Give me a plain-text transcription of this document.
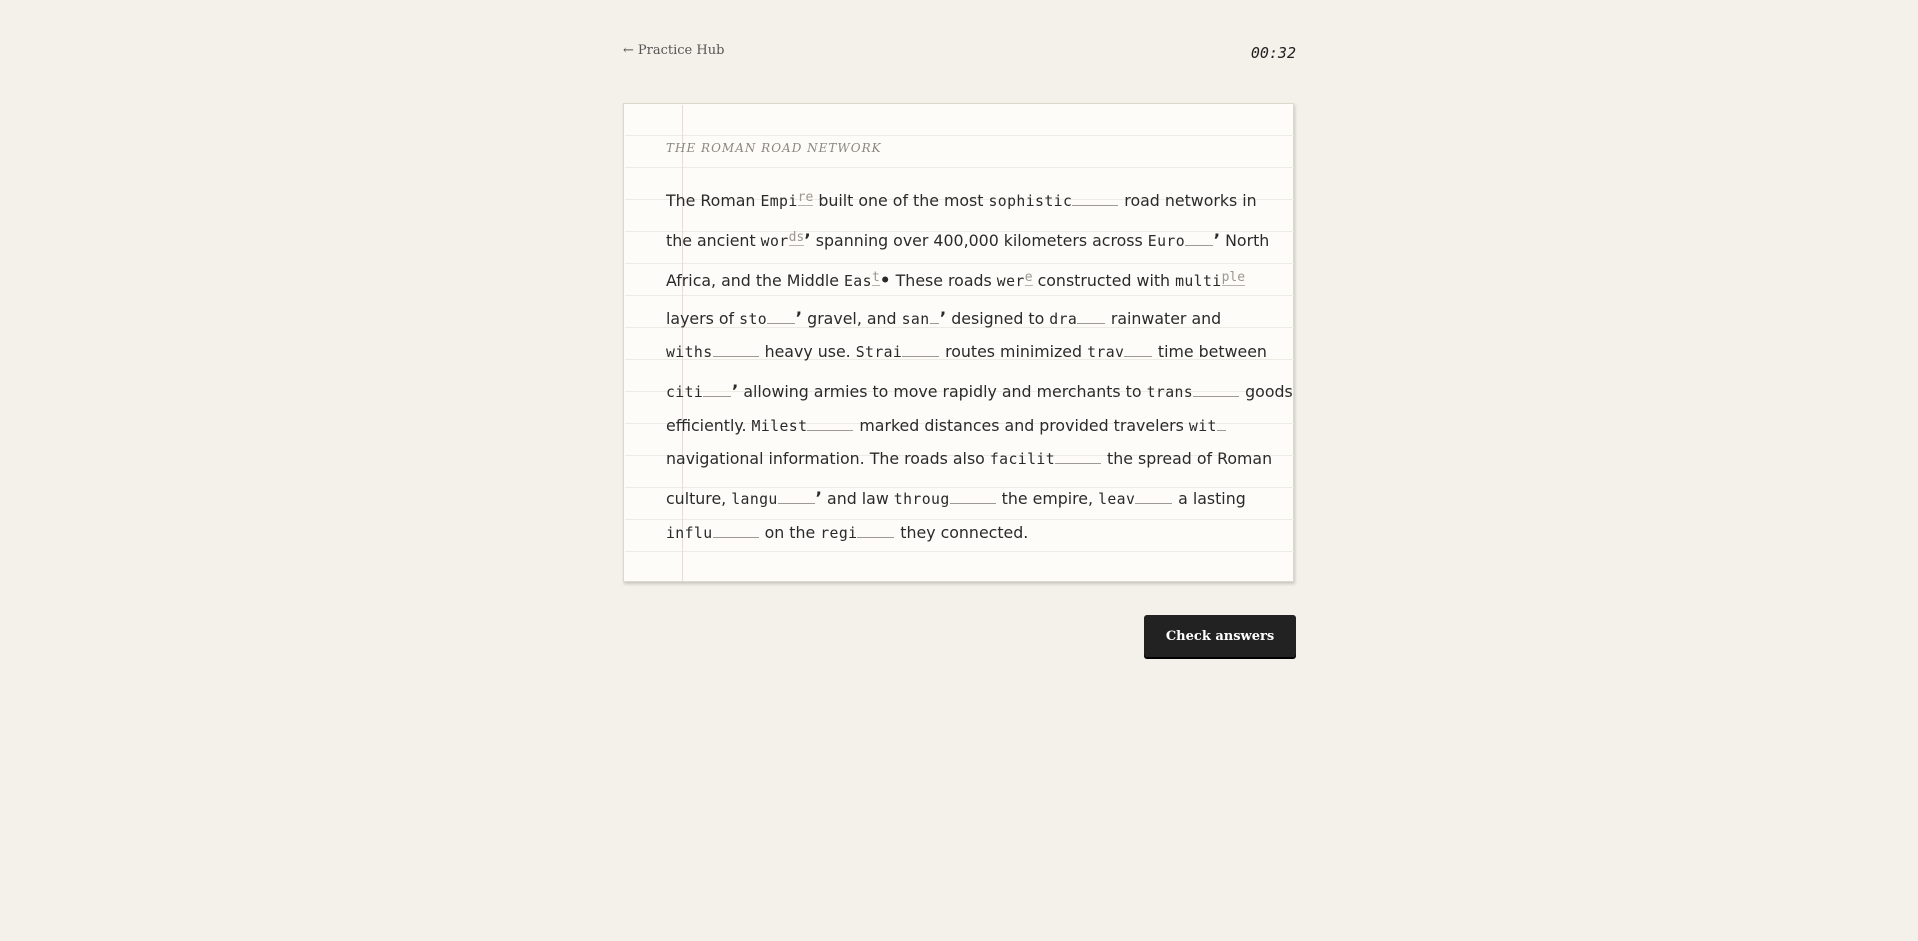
← Practice Hub	00:32
THE ROMAN ROAD NETWORK
The Roman Empi$^{re}$ built one of the most sophistic	road networks in
the ancient wor$^{ds}$’ spanning over 400,000 kilometers across Euro ’ North
Africa, and the Middle Eas$^t$• These roads wer$^e$ constructed with multi$^{ple}$
layers of sto ’ gravel, and san ’ designed to dra rainwater and
withs	heavy use. Strai routes minimized trav time between
citi ’ allowing armies to move rapidly and merchants to trans	goods
efficiently. Milest	marked distances and provided travelers wit
navigational information. The roads also facilit	the spread of Roman
culture, langu ’ and law throug	the empire, leav a lasting
influ	on the regi they connected.
Check answers
